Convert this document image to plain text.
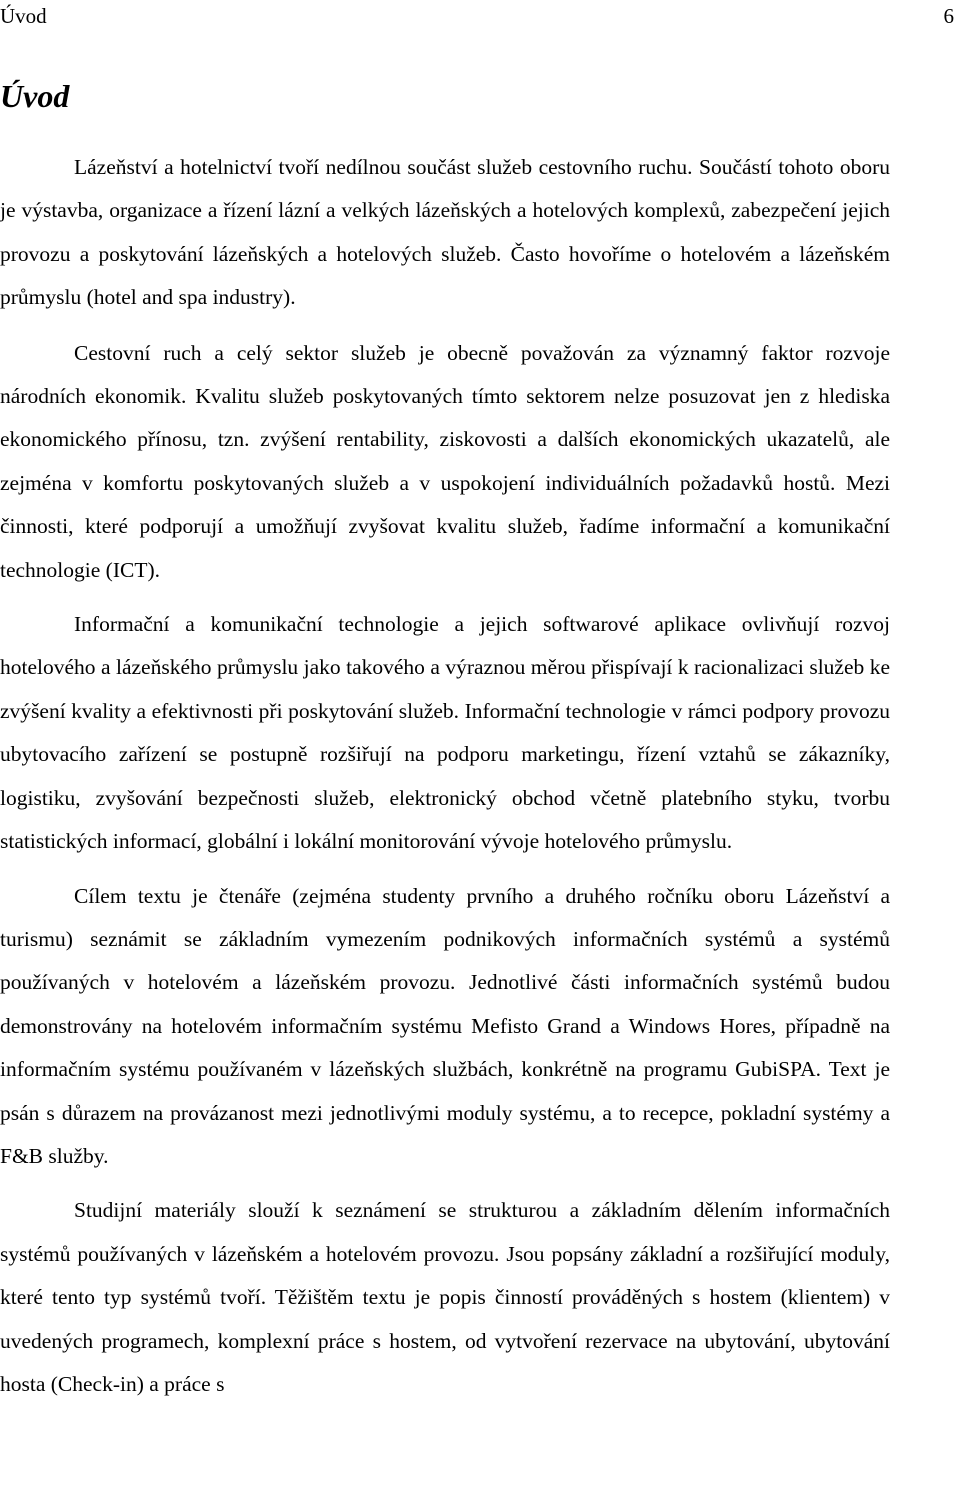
Úvod	6
Úvod

Lázeňství a hotelnictví tvoří nedílnou součást služeb cestovního ruchu. Součástí tohoto oboru je výstavba, organizace a řízení lázní a velkých lázeňských a hotelových komplexů, zabezpečení jejich provozu a poskytování lázeňských a hotelových služeb. Často hovoříme o hotelovém a lázeňském průmyslu (hotel and spa industry).

Cestovní ruch a celý sektor služeb je obecně považován za významný faktor rozvoje národních ekonomik. Kvalitu služeb poskytovaných tímto sektorem nelze posuzovat jen z hlediska ekonomického přínosu, tzn. zvýšení rentability, ziskovosti a dalších ekonomických ukazatelů, ale zejména v komfortu poskytovaných služeb a v uspokojení individuálních požadavků hostů. Mezi činnosti, které podporují a umožňují zvyšovat kvalitu služeb, řadíme informační a komunikační technologie (ICT).

Informační a komunikační technologie a jejich softwarové aplikace ovlivňují rozvoj hotelového a lázeňského průmyslu jako takového a výraznou měrou přispívají k racionalizaci služeb ke zvýšení kvality a efektivnosti při poskytování služeb. Informační technologie v rámci podpory provozu ubytovacího zařízení se postupně rozšiřují na podporu marketingu, řízení vztahů se zákazníky, logistiku, zvyšování bezpečnosti služeb, elektronický obchod včetně platebního styku, tvorbu statistických informací, globální i lokální monitorování vývoje hotelového průmyslu.

Cílem textu je čtenáře (zejména studenty prvního a druhého ročníku oboru Lázeňství a turismu) seznámit se základním vymezením podnikových informačních systémů a systémů používaných v hotelovém a lázeňském provozu. Jednotlivé části informačních systémů budou demonstrovány na hotelovém informačním systému Mefisto Grand a Windows Hores, případně na informačním systému používaném v lázeňských službách, konkrétně na programu GubiSPA. Text je psán s důrazem na provázanost mezi jednotlivými moduly systému, a to recepce, pokladní systémy a F&B služby.

Studijní materiály slouží k seznámení se strukturou a základním dělením informačních systémů používaných v lázeňském a hotelovém provozu. Jsou popsány základní a rozšiřující moduly, které tento typ systémů tvoří. Těžištěm textu je popis činností prováděných s hostem (klientem) v uvedených programech, komplexní práce s hostem, od vytvoření rezervace na ubytování, ubytování hosta (Check-in) a práce s
